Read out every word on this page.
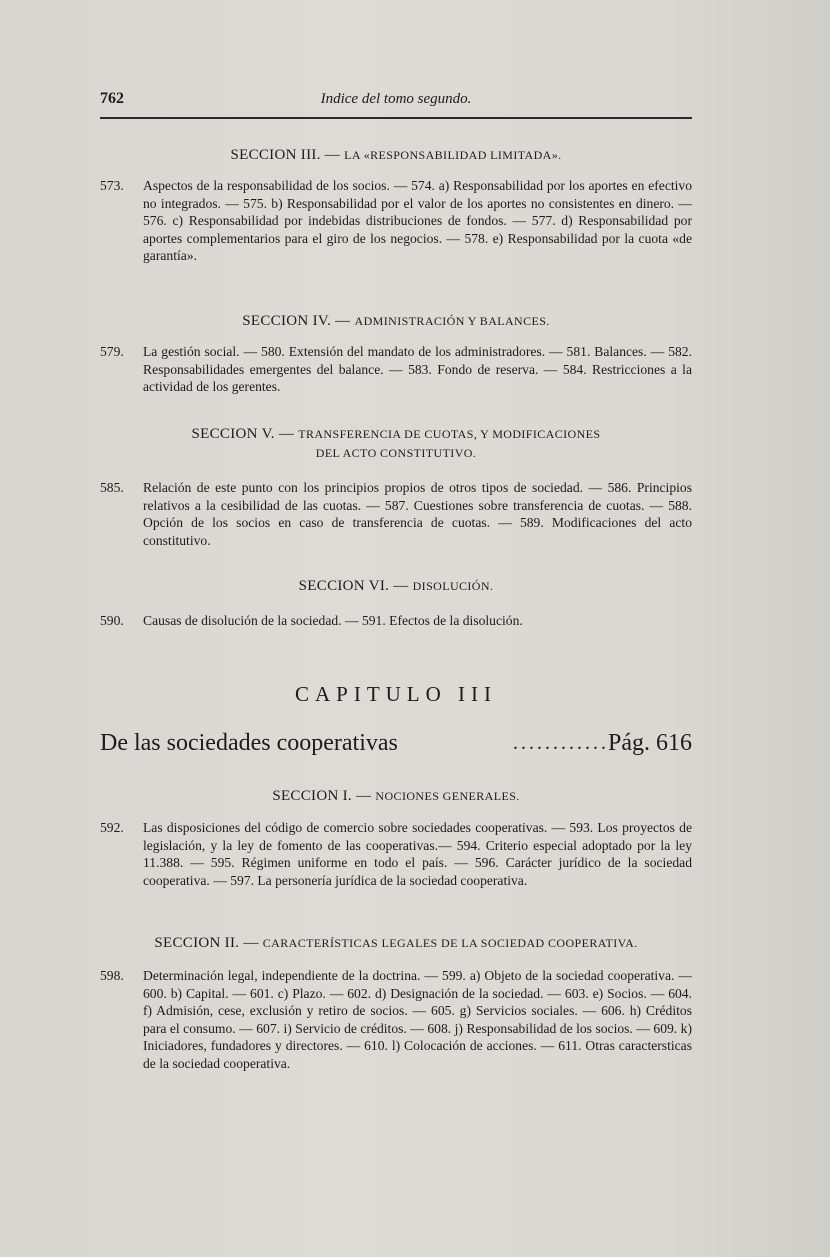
762	Indice del tomo segundo.
SECCION III. — LA «RESPONSABILIDAD LIMITADA».
573. Aspectos de la responsabilidad de los socios. — 574. a) Responsabilidad por los aportes en efectivo no integrados. — 575. b) Responsabilidad por el valor de los aportes no consistentes en dinero. — 576. c) Responsabilidad por indebidas distribuciones de fondos. — 577. d) Responsabilidad por aportes complementarios para el giro de los negocios. — 578. e) Responsabilidad por la cuota «de garantía».
SECCION IV. — ADMINISTRACIÓN Y BALANCES.
579. La gestión social. — 580. Extensión del mandato de los administradores. — 581. Balances. — 582. Responsabilidades emergentes del balance. — 583. Fondo de reserva. — 584. Restricciones a la actividad de los gerentes.
SECCION V. — TRANSFERENCIA DE CUOTAS, Y MODIFICACIONES
DEL ACTO CONSTITUTIVO.
585. Relación de este punto con los principios propios de otros tipos de sociedad. — 586. Principios relativos a la cesibilidad de las cuotas. — 587. Cuestiones sobre transferencia de cuotas. — 588. Opción de los socios en caso de transferencia de cuotas. — 589. Modificaciones del acto constitutivo.
SECCION VI. — DISOLUCIÓN.
590. Causas de disolución de la sociedad. — 591. Efectos de la disolución.
CAPITULO III
De las sociedades cooperativas	............ Pág. 616
SECCION I. — NOCIONES GENERALES.
592. Las disposiciones del código de comercio sobre sociedades cooperativas. — 593. Los proyectos de legislación, y la ley de fomento de las cooperativas.— 594. Criterio especial adoptado por la ley 11.388. — 595. Régimen uniforme en todo el país. — 596. Carácter jurídico de la sociedad cooperativa. — 597. La personería jurídica de la sociedad cooperativa.
SECCION II. — CARACTERÍSTICAS LEGALES DE LA SOCIEDAD COOPERATIVA.
598. Determinación legal, independiente de la doctrina. — 599. a) Objeto de la sociedad cooperativa. — 600. b) Capital. — 601. c) Plazo. — 602. d) Designación de la sociedad. — 603. e) Socios. — 604. f) Admisión, cese, exclusión y retiro de socios. — 605. g) Servicios sociales. — 606. h) Créditos para el consumo. — 607. i) Servicio de créditos. — 608. j) Responsabilidad de los socios. — 609. k) Iniciadores, fundadores y directores. — 610. l) Colocación de acciones. — 611. Otras caractersticas de la sociedad cooperativa.
